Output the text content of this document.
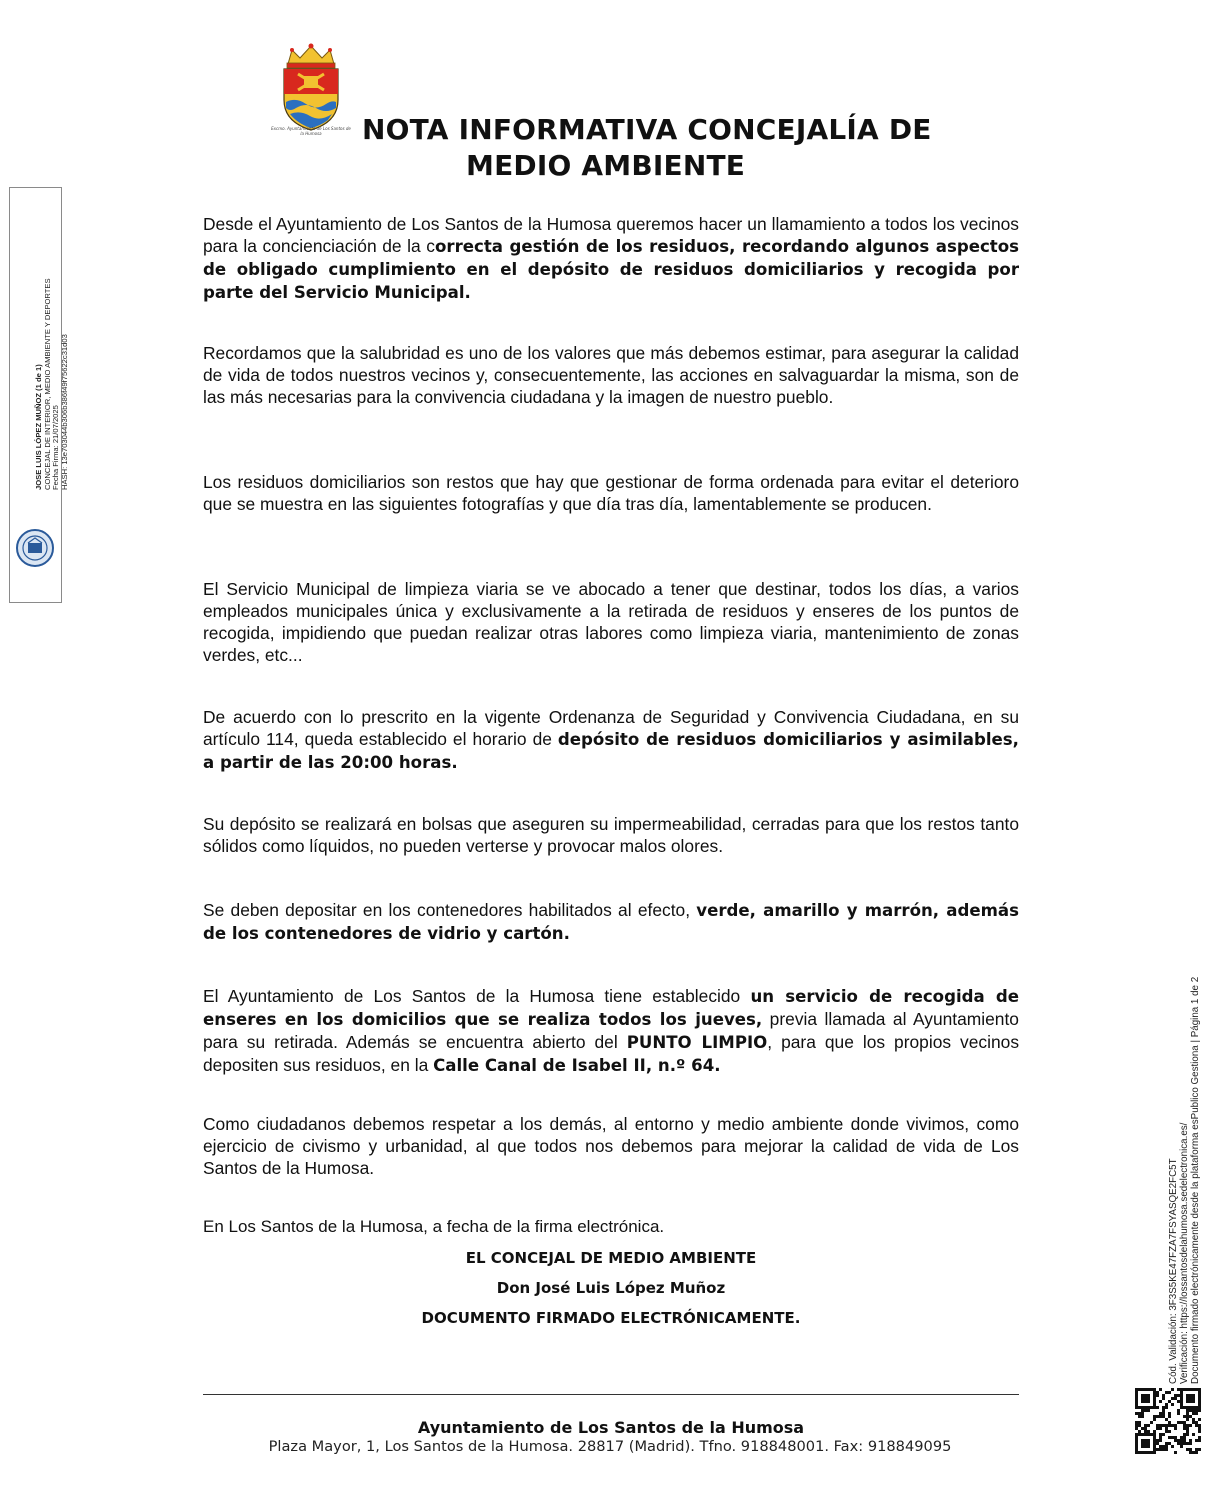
Excmo. Ayuntamiento de Los Santos de la Humosa	NOTA INFORMATIVA CONCEJALÍA DE
MEDIO AMBIENTE
Desde el Ayuntamiento de Los Santos de la Humosa queremos hacer un llamamiento a todos los vecinos para la concienciación de la correcta gestión de los residuos, recordando algunos aspectos de obligado cumplimiento en el depósito de residuos domiciliarios y recogida por parte del Servicio Municipal.
Recordamos que la salubridad es uno de los valores que más debemos estimar, para asegurar la calidad de vida de todos nuestros vecinos y, consecuentemente, las acciones en salvaguardar la misma, son de las más necesarias para la convivencia ciudadana y la imagen de nuestro pueblo.
Los residuos domiciliarios son restos que hay que gestionar de forma ordenada para evitar el deterioro que se muestra en las siguientes fotografías y que día tras día, lamentablemente se producen.
El Servicio Municipal de limpieza viaria se ve abocado a tener que destinar, todos los días, a varios empleados municipales única y exclusivamente a la retirada de residuos y enseres de los puntos de recogida, impidiendo que puedan realizar otras labores como limpieza viaria, mantenimiento de zonas verdes, etc...
De acuerdo con lo prescrito en la vigente Ordenanza de Seguridad y Convivencia Ciudadana, en su artículo 114, queda establecido el horario de depósito de residuos domiciliarios y asimilables, a partir de las 20:00 horas.
Su depósito se realizará en bolsas que aseguren su impermeabilidad, cerradas para que los restos tanto sólidos como líquidos, no pueden verterse y provocar malos olores.
Se deben depositar en los contenedores habilitados al efecto, verde, amarillo y marrón, además de los contenedores de vidrio y cartón.
El Ayuntamiento de Los Santos de la Humosa tiene establecido un servicio de recogida de enseres en los domicilios que se realiza todos los jueves, previa llamada al Ayuntamiento para su retirada. Además se encuentra abierto del PUNTO LIMPIO, para que los propios vecinos depositen sus residuos, en la Calle Canal de Isabel II, n.º 64.
Como ciudadanos debemos respetar a los demás, al entorno y medio ambiente donde vivimos, como ejercicio de civismo y urbanidad, al que todos nos debemos para mejorar la calidad de vida de Los Santos de la Humosa.
En Los Santos de la Humosa, a fecha de la firma electrónica.
EL CONCEJAL DE MEDIO AMBIENTE
Don José Luis López Muñoz
DOCUMENTO FIRMADO ELECTRÓNICAMENTE.
Ayuntamiento de Los Santos de la Humosa
Plaza Mayor, 1, Los Santos de la Humosa. 28817 (Madrid). Tfno. 918848001. Fax: 918849095
JOSE LUIS LÓPEZ MUÑOZ (1 de 1) CONCEJAL DE INTERIOR, MEDIO AMBIENTE Y DEPORTES Fecha Firma: 21/07/2025 HASH: 13e703044b306b386f49f75622c31d03
Cód. Validación: 3F3S5KE47FZA7FSYASQE2FC5T Verificación: https://lossantosdelahumosa.sedelectronica.es/ Documento firmado electrónicamente desde la plataforma esPublico Gestiona | Página 1 de 2
